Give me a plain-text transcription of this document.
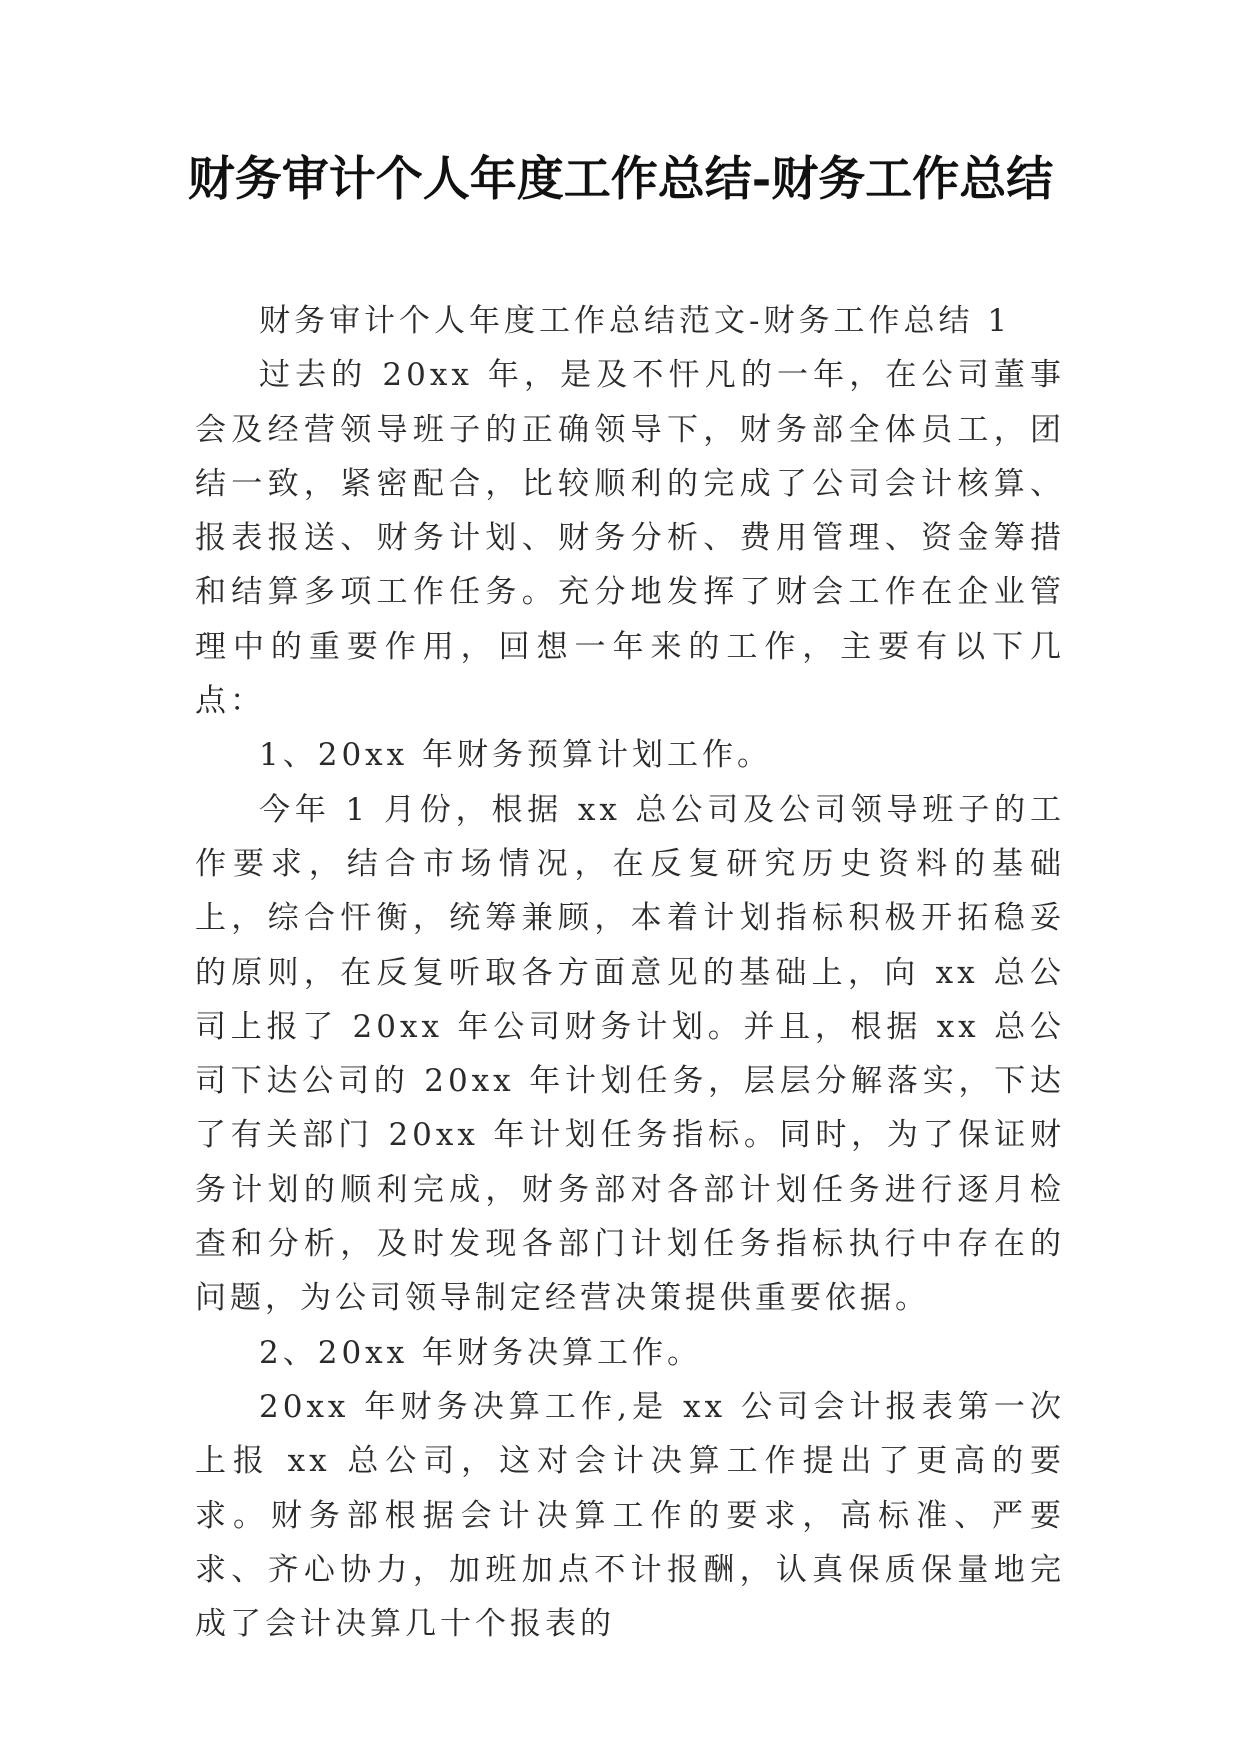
财务审计个人年度工作总结-财务工作总结

财务审计个人年度工作总结范文-财务工作总结 1

过去的 20xx 年，是及不忓凡的一年，在公司董事会及经营领导班子的正确领导下，财务部全体员工，团结一致，紧密配合，比较顺利的完成了公司会计核算、报表报送、财务计划、财务分析、费用管理、资金筹措和结算多项工作任务。充分地发挥了财会工作在企业管理中的重要作用，回想一年来的工作，主要有以下几点：

1、20xx 年财务预算计划工作。

今年 1 月份，根据 xx 总公司及公司领导班子的工作要求，结合市场情况，在反复研究历史资料的基础上，综合忓衡，统筹兼顾，本着计划指标积极开拓稳妥的原则，在反复听取各方面意见的基础上，向 xx 总公司上报了 20xx 年公司财务计划。并且，根据 xx 总公司下达公司的 20xx 年计划任务，层层分解落实，下达了有关部门 20xx 年计划任务指标。同时，为了保证财务计划的顺利完成，财务部对各部计划任务进行逐月检查和分析，及时发现各部门计划任务指标执行中存在的问题，为公司领导制定经营决策提供重要依据。

2、20xx 年财务决算工作。

20xx 年财务决算工作,是 xx 公司会计报表第一次上报 xx 总公司，这对会计决算工作提出了更高的要求。财务部根据会计决算工作的要求，高标准、严要求、齐心协力，加班加点不计报酬，认真保质保量地完成了会计决算几十个报表的
